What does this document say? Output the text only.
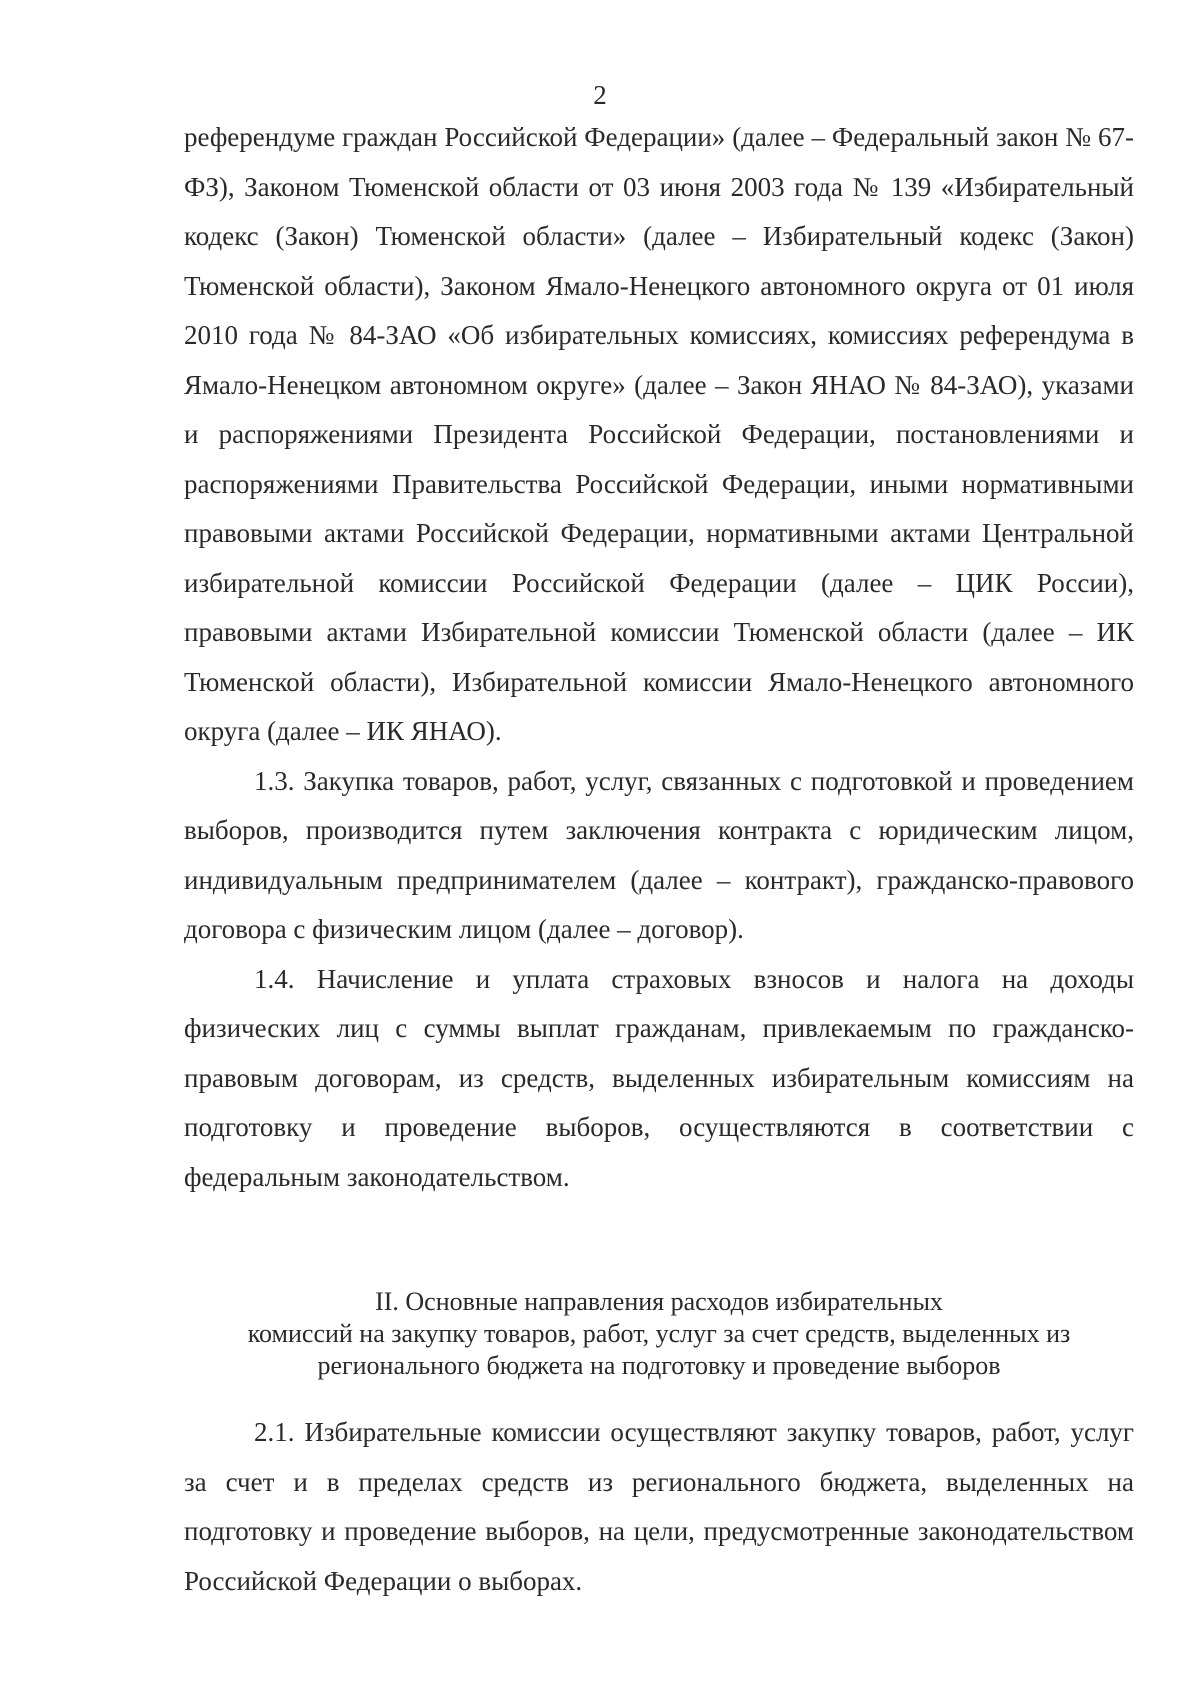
2

референдуме граждан Российской Федерации» (далее – Федеральный закон № 67-ФЗ), Законом Тюменской области от 03 июня 2003 года № 139 «Избирательный кодекс (Закон) Тюменской области» (далее – Избирательный кодекс (Закон) Тюменской области), Законом Ямало-Ненецкого автономного округа от 01 июля 2010 года № 84-ЗАО «Об избирательных комиссиях, комиссиях референдума в Ямало-Ненецком автономном округе» (далее – Закон ЯНАО № 84-ЗАО), указами и распоряжениями Президента Российской Федерации, постановлениями и распоряжениями Правительства Российской Федерации, иными нормативными правовыми актами Российской Федерации, нормативными актами Центральной избирательной комиссии Российской Федерации (далее – ЦИК России), правовыми актами Избирательной комиссии Тюменской области (далее – ИК Тюменской области), Избирательной комиссии Ямало-Ненецкого автономного округа (далее – ИК ЯНАО).

1.3. Закупка товаров, работ, услуг, связанных с подготовкой и проведением выборов, производится путем заключения контракта с юридическим лицом, индивидуальным предпринимателем (далее – контракт), гражданско-правового договора с физическим лицом (далее – договор).

1.4. Начисление и уплата страховых взносов и налога на доходы физических лиц с суммы выплат гражданам, привлекаемым по гражданско-правовым договорам, из средств, выделенных избирательным комиссиям на подготовку и проведение выборов, осуществляются в соответствии с федеральным законодательством.

II. Основные направления расходов избирательных
комиссий на закупку товаров, работ, услуг за счет средств, выделенных из
регионального бюджета на подготовку и проведение выборов

2.1. Избирательные комиссии осуществляют закупку товаров, работ, услуг за счет и в пределах средств из регионального бюджета, выделенных на подготовку и проведение выборов, на цели, предусмотренные законодательством Российской Федерации о выборах.
